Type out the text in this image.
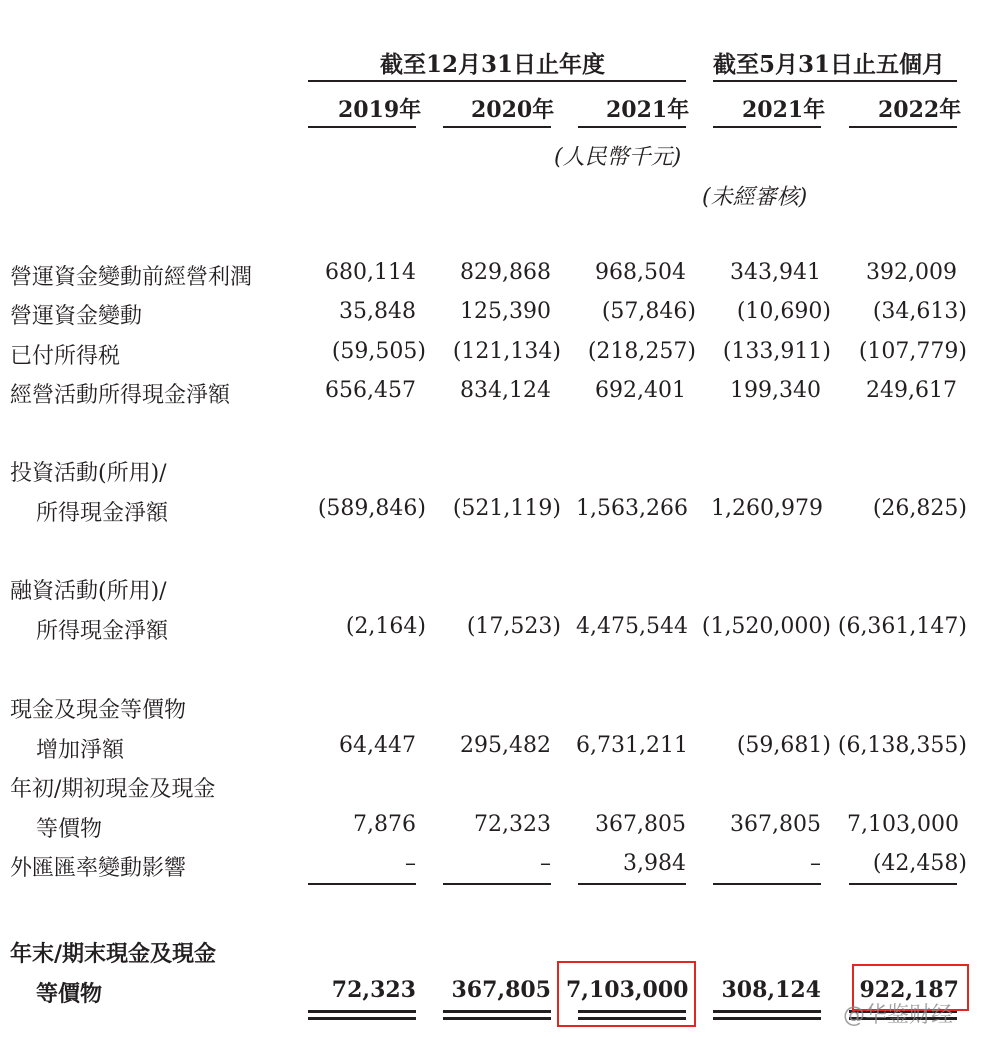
截至12月31日止年度	截至5月31日止五個月
2019年 2020年 2021年 2021年 2022年
(人民幣千元)
(未經審核)
營運資金變動前經營利潤	680,114	829,868	968,504	343,941	392,009
營運資金變動	35,848	125,390	(57,846)	(10,690)	(34,613)
已付所得税	(59,505)	(121,134)	(218,257)	(133,911)	(107,779)
經營活動所得現金淨額	656,457	834,124	692,401	199,340	249,617
投資活動(所用)/
所得現金淨額	(589,846)	(521,119) 1,563,266	1,260,979	(26,825)
融資活動(所用)/
所得現金淨額	(2,164)	(17,523) 4,475,544 (1,520,000) (6,361,147)
現金及現金等價物
增加淨額	64,447	295,482	6,731,211	(59,681) (6,138,355)
年初/期初現金及現金
等價物	7,876	72,323	367,805	367,805	7,103,000
外匯匯率變動影響	–	–	3,984	–	(42,458)
年末/期末現金及現金
等價物	72,323	367,805 7,103,000	308,124	922,187
@华鉴财经
